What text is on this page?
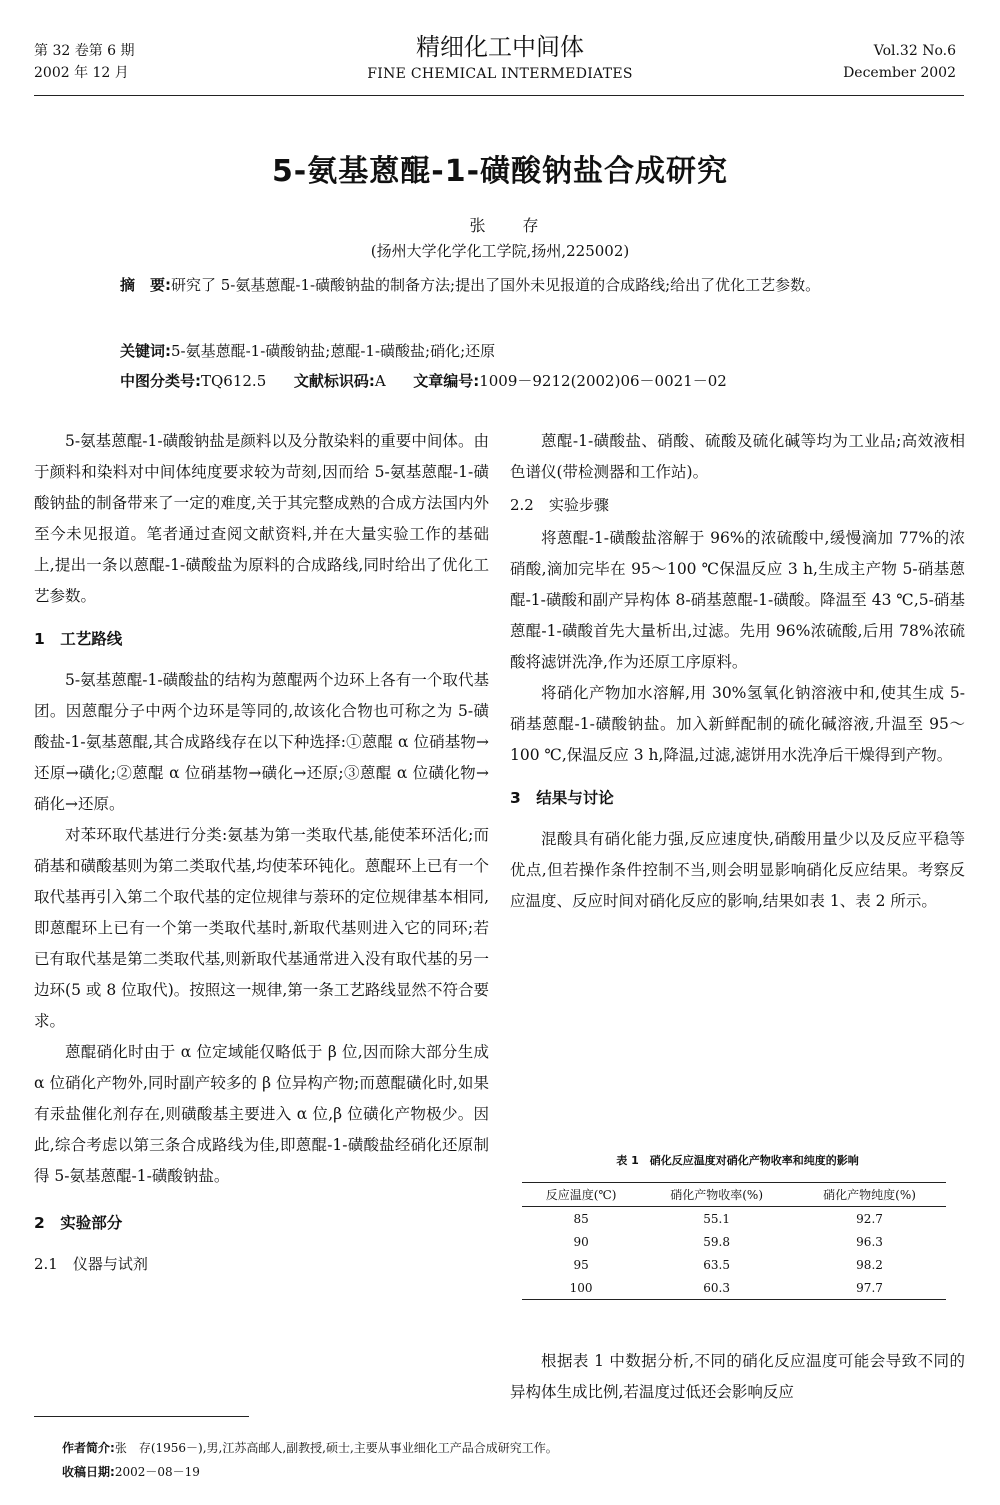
第 32 卷第 6 期
2002 年 12 月
精细化工中间体
FINE CHEMICAL INTERMEDIATES
Vol.32 No.6
December 2002
5-氨基蒽醌-1-磺酸钠盐合成研究
张 存
(扬州大学化学化工学院,扬州,225002)
摘　要:研究了 5-氨基蒽醌-1-磺酸钠盐的制备方法;提出了国外未见报道的合成路线;给出了优化工艺参数。
关键词:5-氨基蒽醌-1-磺酸钠盐;蒽醌-1-磺酸盐;硝化;还原
中图分类号:TQ612.5 文献标识码:A 文章编号:1009－9212(2002)06－0021－02

5-氨基蒽醌-1-磺酸钠盐是颜料以及分散染料的重要中间体。由于颜料和染料对中间体纯度要求较为苛刻,因而给 5-氨基蒽醌-1-磺酸钠盐的制备带来了一定的难度,关于其完整成熟的合成方法国内外至今未见报道。笔者通过查阅文献资料,并在大量实验工作的基础上,提出一条以蒽醌-1-磺酸盐为原料的合成路线,同时给出了优化工艺参数。

1　工艺路线

5-氨基蒽醌-1-磺酸盐的结构为蒽醌两个边环上各有一个取代基团。因蒽醌分子中两个边环是等同的,故该化合物也可称之为 5-磺酸盐-1-氨基蒽醌,其合成路线存在以下种选择:①蒽醌 α 位硝基物→还原→磺化;②蒽醌 α 位硝基物→磺化→还原;③蒽醌 α 位磺化物→硝化→还原。

对苯环取代基进行分类:氨基为第一类取代基,能使苯环活化;而硝基和磺酸基则为第二类取代基,均使苯环钝化。蒽醌环上已有一个取代基再引入第二个取代基的定位规律与萘环的定位规律基本相同,即蒽醌环上已有一个第一类取代基时,新取代基则进入它的同环;若已有取代基是第二类取代基,则新取代基通常进入没有取代基的另一边环(5 或 8 位取代)。按照这一规律,第一条工艺路线显然不符合要求。

蒽醌硝化时由于 α 位定域能仅略低于 β 位,因而除大部分生成 α 位硝化产物外,同时副产较多的 β 位异构产物;而蒽醌磺化时,如果有汞盐催化剂存在,则磺酸基主要进入 α 位,β 位磺化产物极少。因此,综合考虑以第三条合成路线为佳,即蒽醌-1-磺酸盐经硝化还原制得 5-氨基蒽醌-1-磺酸钠盐。

2　实验部分
2.1　仪器与试剂

蒽醌-1-磺酸盐、硝酸、硫酸及硫化碱等均为工业品;高效液相色谱仪(带检测器和工作站)。

2.2　实验步骤

将蒽醌-1-磺酸盐溶解于 96%的浓硫酸中,缓慢滴加 77%的浓硝酸,滴加完毕在 95～100 ℃保温反应 3 h,生成主产物 5-硝基蒽醌-1-磺酸和副产异构体 8-硝基蒽醌-1-磺酸。降温至 43 ℃,5-硝基蒽醌-1-磺酸首先大量析出,过滤。先用 96%浓硫酸,后用 78%浓硫酸将滤饼洗净,作为还原工序原料。

将硝化产物加水溶解,用 30%氢氧化钠溶液中和,使其生成 5-硝基蒽醌-1-磺酸钠盐。加入新鲜配制的硫化碱溶液,升温至 95～100 ℃,保温反应 3 h,降温,过滤,滤饼用水洗净后干燥得到产物。

3　结果与讨论

混酸具有硝化能力强,反应速度快,硝酸用量少以及反应平稳等优点,但若操作条件控制不当,则会明显影响硝化反应结果。考察反应温度、反应时间对硝化反应的影响,结果如表 1、表 2 所示。

根据表 1 中数据分析,不同的硝化反应温度可能会导致不同的异构体生成比例,若温度过低还会影响反应

表 1　硝化反应温度对硝化产物收率和纯度的影响
反应温度(℃)	硝化产物收率(%)	硝化产物纯度(%)
85	55.1	92.7
90	59.8	96.3
95	63.5	98.2
100	60.3	97.7
作者简介:张　存(1956－),男,江苏高邮人,副教授,硕士,主要从事业细化工产品合成研究工作。
收稿日期:2002－08－19
